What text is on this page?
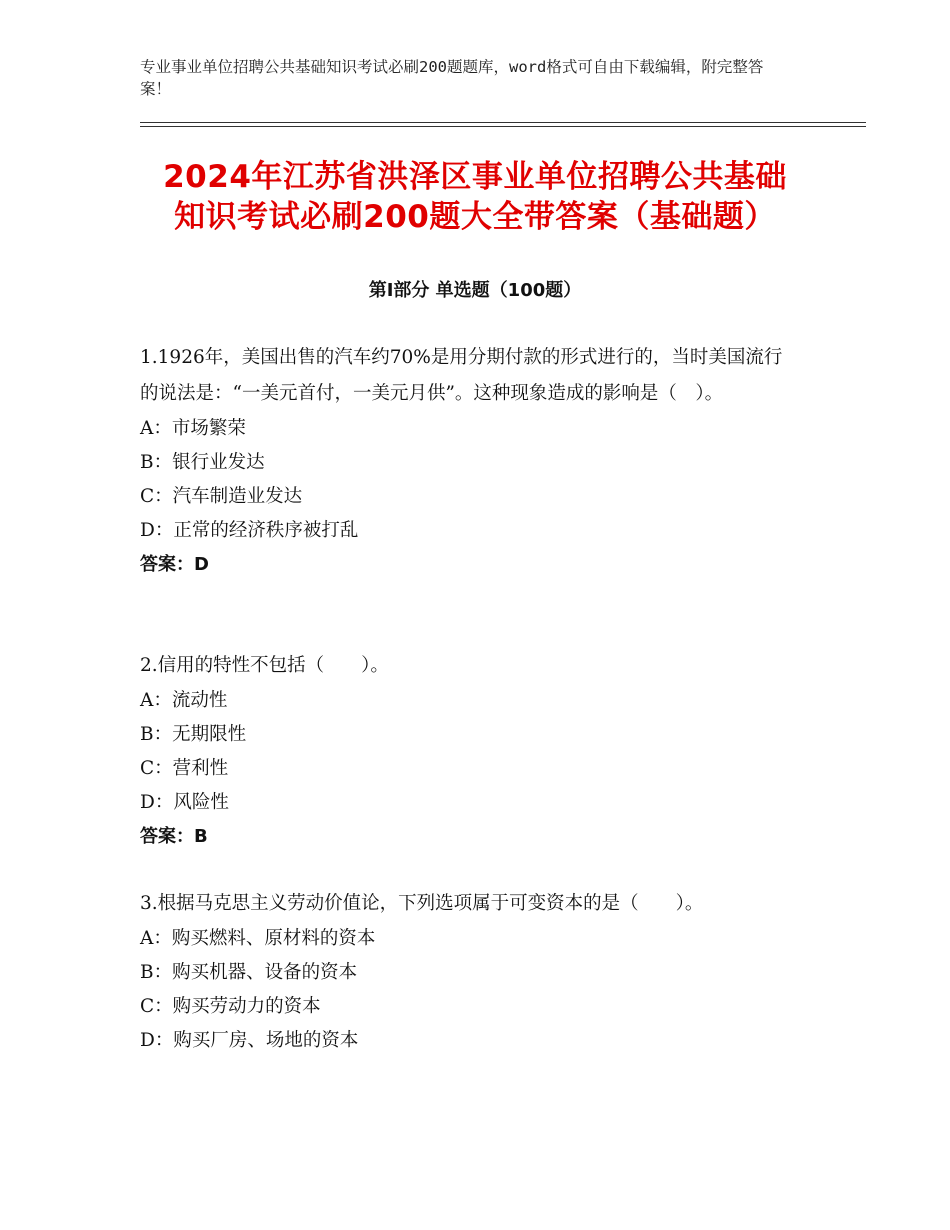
专业事业单位招聘公共基础知识考试必刷200题题库，word格式可自由下载编辑，附完整答案！
2024年江苏省洪泽区事业单位招聘公共基础
知识考试必刷200题大全带答案（基础题）
第Ⅰ部分 单选题（100题）
1.1926年，美国出售的汽车约70%是用分期付款的形式进行的，当时美国流行的说法是：“一美元首付，一美元月供”。这种现象造成的影响是（　）。
A：市场繁荣
B：银行业发达
C：汽车制造业发达
D：正常的经济秩序被打乱
答案：D
2.信用的特性不包括（　　）。
A：流动性
B：无期限性
C：营利性
D：风险性
答案：B
3.根据马克思主义劳动价值论，下列选项属于可变资本的是（　　）。
A：购买燃料、原材料的资本
B：购买机器、设备的资本
C：购买劳动力的资本
D：购买厂房、场地的资本
